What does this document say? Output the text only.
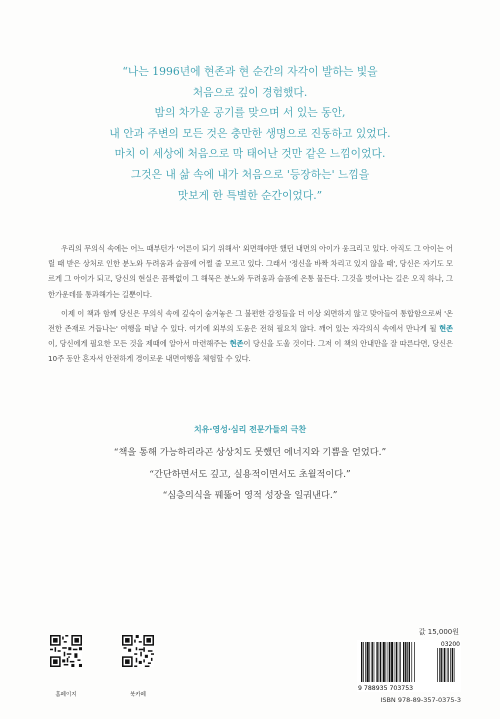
“나는 1996년에 현존과 현 순간의 자각이 발하는 빛을
처음으로 깊이 경험했다.
밤의 차가운 공기를 맞으며 서 있는 동안,
내 안과 주변의 모든 것은 충만한 생명으로 진동하고 있었다.
마치 이 세상에 처음으로 막 태어난 것만 같은 느낌이었다.
그것은 내 삶 속에 내가 처음으로 '등장하는' 느낌을
맛보게 한 특별한 순간이었다.”

우리의 무의식 속에는 어느 때부턴가 '어른이 되기 위해서' 외면해야만 했던 내면의 아이가 웅크리고 있다. 아직도 그 아이는 어릴 때 받은 상처로 인한 분노와 두려움과 슬픔에 어쩔 줄 모르고 있다. 그래서 '정신을 바짝 차리고 있지 않을 때', 당신은 자기도 모르게 그 아이가 되고, 당신의 현실은 꼼짝없이 그 해묵은 분노와 두려움과 슬픔에 온통 물든다. 그것을 벗어나는 길은 오직 하나, 그 한가운데를 통과해가는 길뿐이다.

이제 이 책과 함께 당신은 무의식 속에 깊숙이 숨겨놓은 그 불편한 감정들을 더 이상 외면하지 않고 맞아들여 통합함으로써 '온전한 존재로 거듭나는' 여행을 떠날 수 있다. 여기에 외부의 도움은 전혀 필요치 않다. 깨어 있는 자각의식 속에서 만나게 될 현존이, 당신에게 필요한 모든 것을 제때에 알아서 마련해주는 현존이 당신을 도울 것이다. 그저 이 책의 안내만을 잘 따른다면, 당신은 10주 동안 혼자서 안전하게 경이로운 내면여행을 체험할 수 있다.

치유·영성·심리 전문가들의 극찬
“책을 통해 가능하리라곤 상상치도 못했던 에너지와 기쁨을 얻었다.”
“간단하면서도 깊고, 실용적이면서도 초월적이다.”
“심층의식을 꿰뚫어 영적 성장을 일궈낸다.”
값 15,000원
홈페이지	북카페
03200
9 788935 703753
ISBN 978-89-357-0375-3
